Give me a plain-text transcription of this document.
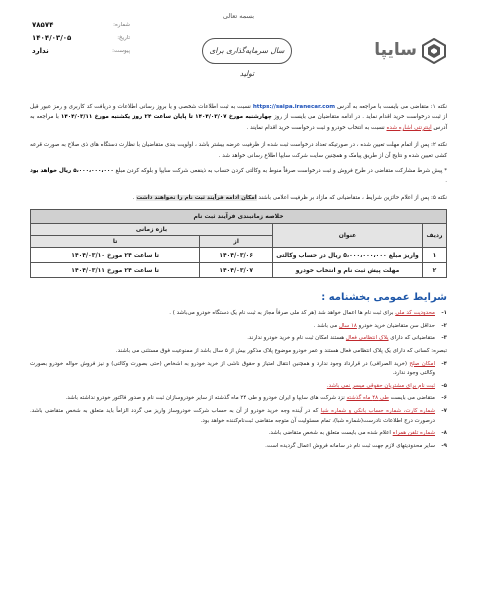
بسمه تعالی
سایپا
سال سرمایه‌گذاری برای تولید
شماره:
۷۸۵۷۴
تاریخ:
۱۴۰۴/۰۳/۰۵
پیوست:
ندارد

نکته ۱: متقاضی می بایست با مراجعه به آدرس https://saipa.iranecar.com نسبت به ثبت اطلاعات شخصی و یا بروز رسانی اطلاعات و دریافت کد کاربری و رمز عبور قبل از ثبت درخواست خرید اقدام نماید . در ادامه متقاضیان می بایست از روز چهارشنبه مورخ ۱۴۰۴/۰۳/۰۷ تا پایان ساعت ۲۴ روز یکشنبه مورخ ۱۴۰۴/۰۳/۱۱ با مراجعه به آدرس اینترنتی اشاره شده نسبت به انتخاب خودرو و ثبت درخواست خرید اقدام نمایند .

نکته ۲: پس از اتمام مهلت تعیین شده ، در صورتیکه تعداد درخواست ثبت شده از ظرفیت عرضه بیشتر باشد ، اولویت بندی متقاضیان با نظارت دستگاه های ذی صلاح به صورت قرعه کشی تعیین شده و نتایج آن از طریق پیامک و همچنین سایت شرکت سایپا اطلاع رسانی خواهد شد .

* پیش شرط مشارکت متقاضی در طرح فروش و ثبت درخواست صرفاً منوط به وکالتی کردن حساب به ذینفعی شرکت سایپا و بلوکه کردن مبلغ ۵،۰۰۰،۰۰۰،۰۰۰ ریال خواهد بود .

نکته ۵: پس از اعلام حائزین شرایط ، متقاضیانی که مازاد بر ظرفیت اعلامی باشند امکان ادامه فرآیند ثبت نام را نخواهند داشت .

خلاصه زمانبندی فرآیند ثبت نام			
ردیف	عنوان	بازه زمانی	
		از	تا
۱	واریز مبلغ ۵،۰۰۰،۰۰۰،۰۰۰ ریال در حساب وکالتی	۱۴۰۴/۰۳/۰۶	تا ساعت ۲۴ مورخ ۱۴۰۴/۰۳/۱۰
۲	مهلت پیش ثبت نام و انتخاب خودرو	۱۴۰۴/۰۳/۰۷	تا ساعت ۲۴ مورخ ۱۴۰۴/۰۳/۱۱
شرایط عمومی بخشنامه :
۱-
محدودیت کد ملی برای ثبت نام ها اعمال خواهد شد (هر کد ملی صرفاً مجاز به ثبت نام یک دستگاه خودرو می‌باشد ) .
۲-
حداقل سن متقاضیان خرید خودرو ۱۸ سال می باشد .
۳-
متقاضیانی که دارای پلاک انتظامی فعال هستند امکان ثبت نام و خرید خودرو ندارند.
تبصره: کسانی که دارای یک پلاک انتظامی فعال هستند و عمر خودرو موضوع پلاک مذکور بیش از ۵ سال باشد از ممنوعیت فوق مستثنی می باشند.
۴-
امکان صلح (خرید الصرافی) در قرارداد وجود ندارد و همچنین انتقال امتیاز و حقوق ناشی از خرید خودرو به اشخاص (حتی بصورت وکالتی) و نیز فروش حواله خودرو بصورت وکالتی وجود ندارد.
۵-
ثبت نام برای مشتریان حقوقی میسر نمی باشد.
۶-
متقاضی می بایست طی ۴۸ ماه گذشته نزد شرکت های سایپا و ایران خودرو و طی ۲۴ ماه گذشته از سایر خودروسازان ثبت نام و صدور فاکتور خودرو نداشته باشد.
۷-
شماره کارت، شماره حساب بانکی و شماره شبا که در آینده وجه خرید خودرو از آن به حساب شرکت خودروساز واریز می گردد الزاماً باید متعلق به شخص متقاضی باشد. درصورت درج اطلاعات نادرست(شماره شبا)، تمام مسئولیت آن متوجه متقاضی ثبت‌نام‌کننده خواهد بود.
۸-
شماره تلفن همراه اعلام شده می بایست متعلق به شخص متقاضی باشد.
۹-
سایر محدودیتهای لازم جهت ثبت نام در سامانه فروش اعمال گردیده است.
